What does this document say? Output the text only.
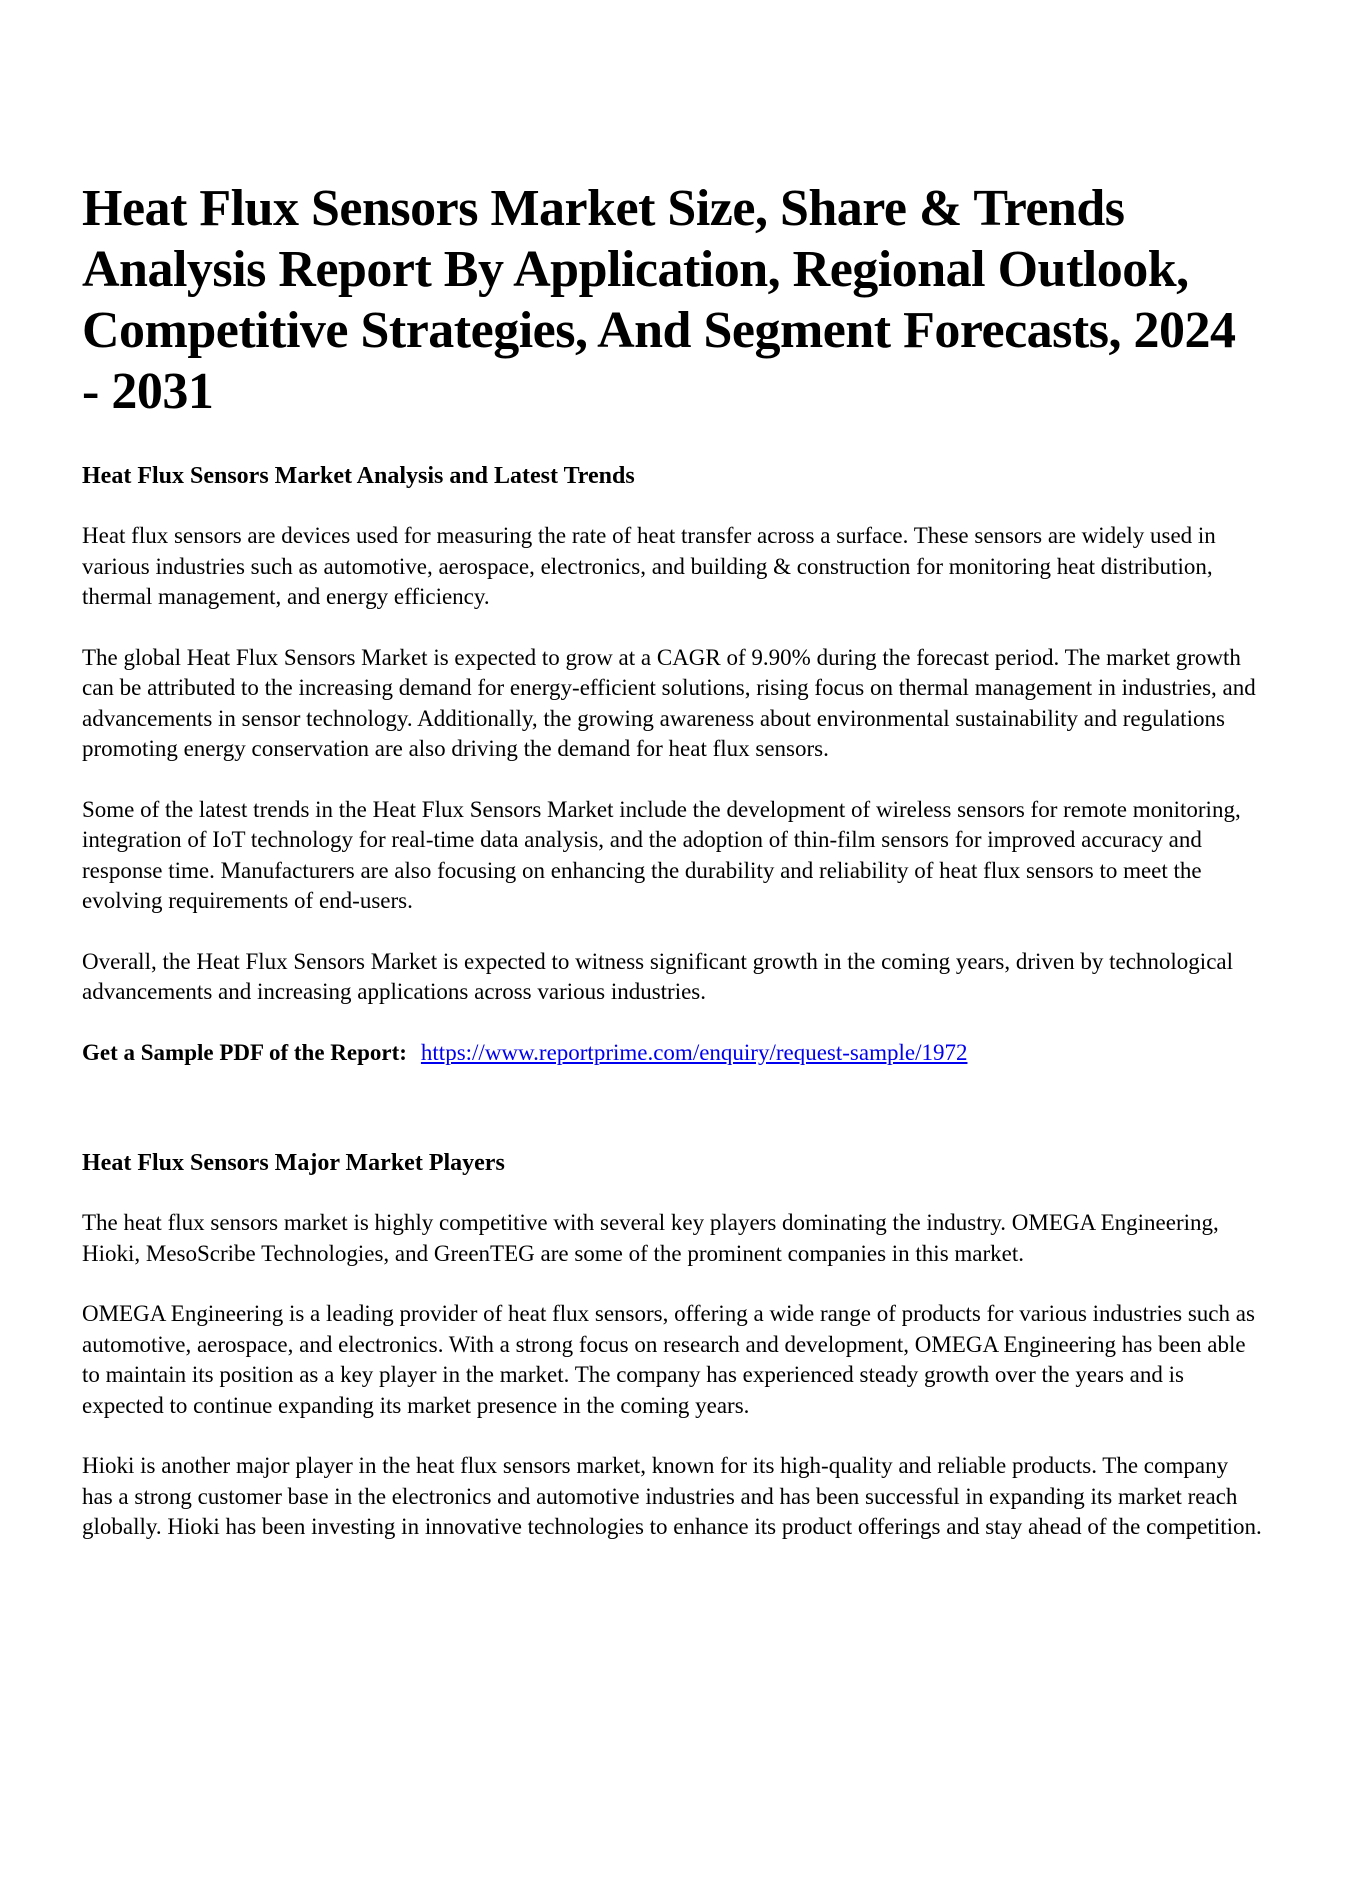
Heat Flux Sensors Market Size, Share & Trends Analysis Report By Application, Regional Outlook, Competitive Strategies, And Segment Forecasts, 2024 - 2031
Heat Flux Sensors Market Analysis and Latest Trends

Heat flux sensors are devices used for measuring the rate of heat transfer across a surface. These sensors are widely used in various industries such as automotive, aerospace, electronics, and building & construction for monitoring heat distribution, thermal management, and energy efficiency.

The global Heat Flux Sensors Market is expected to grow at a CAGR of 9.90% during the forecast period. The market growth can be attributed to the increasing demand for energy-efficient solutions, rising focus on thermal management in industries, and advancements in sensor technology. Additionally, the growing awareness about environmental sustainability and regulations promoting energy conservation are also driving the demand for heat flux sensors.

Some of the latest trends in the Heat Flux Sensors Market include the development of wireless sensors for remote monitoring, integration of IoT technology for real-time data analysis, and the adoption of thin-film sensors for improved accuracy and response time. Manufacturers are also focusing on enhancing the durability and reliability of heat flux sensors to meet the evolving requirements of end-users.

Overall, the Heat Flux Sensors Market is expected to witness significant growth in the coming years, driven by technological advancements and increasing applications across various industries.

Get a Sample PDF of the Report: https://www.reportprime.com/enquiry/request-sample/1972

Heat Flux Sensors Major Market Players

The heat flux sensors market is highly competitive with several key players dominating the industry. OMEGA Engineering, Hioki, MesoScribe Technologies, and GreenTEG are some of the prominent companies in this market.

OMEGA Engineering is a leading provider of heat flux sensors, offering a wide range of products for various industries such as automotive, aerospace, and electronics. With a strong focus on research and development, OMEGA Engineering has been able to maintain its position as a key player in the market. The company has experienced steady growth over the years and is expected to continue expanding its market presence in the coming years.

Hioki is another major player in the heat flux sensors market, known for its high-quality and reliable products. The company has a strong customer base in the electronics and automotive industries and has been successful in expanding its market reach globally. Hioki has been investing in innovative technologies to enhance its product offerings and stay ahead of the competition.
